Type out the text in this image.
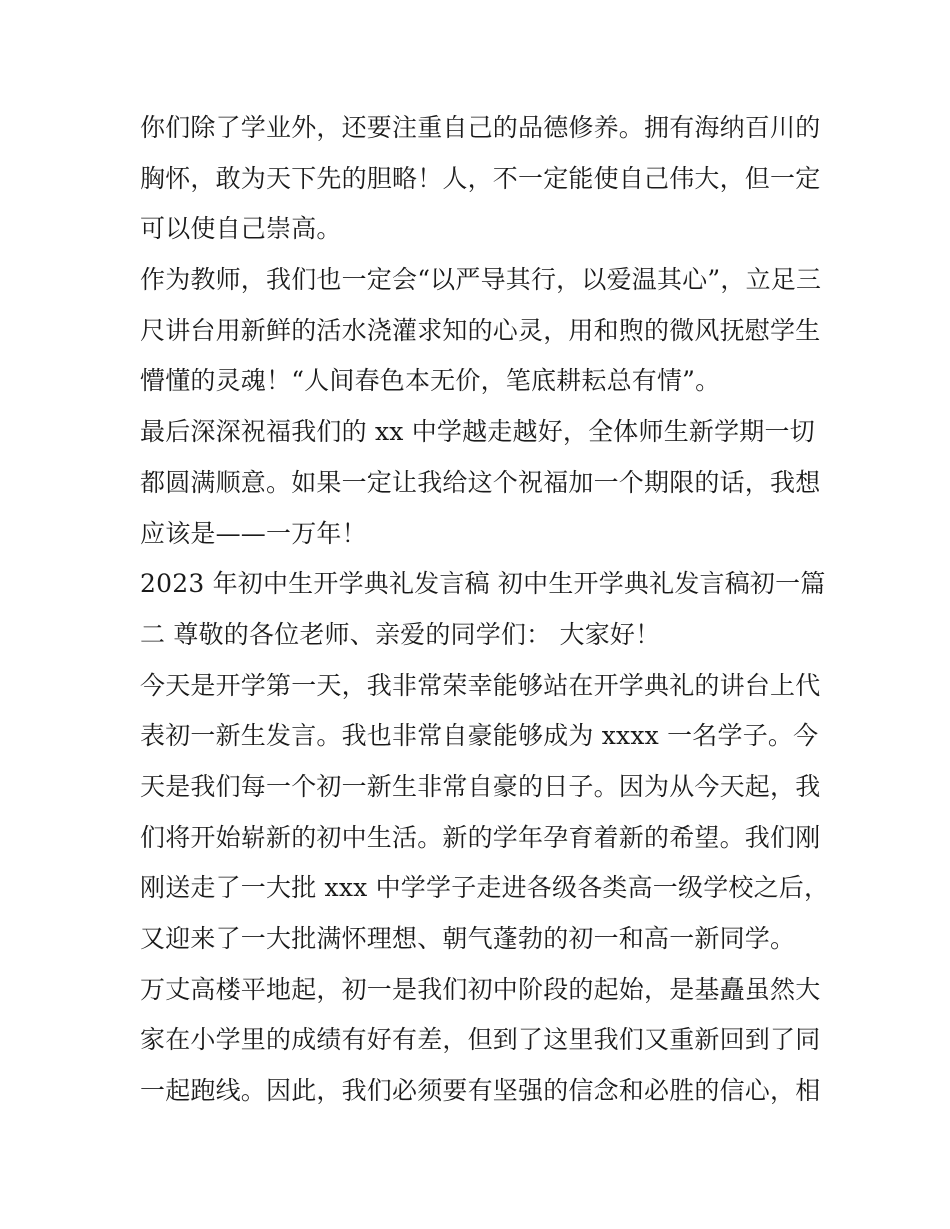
你们除了学业外，还要注重自己的品德修养。拥有海纳百川的
胸怀，敢为天下先的胆略！人，不一定能使自己伟大，但一定
可以使自己崇高。
作为教师，我们也一定会“以严导其行，以爱温其心”，立足三
尺讲台用新鲜的活水浇灌求知的心灵，用和煦的微风抚慰学生
懵懂的灵魂！“人间春色本无价，笔底耕耘总有情”。
最后深深祝福我们的 xx 中学越走越好，全体师生新学期一切
都圆满顺意。如果一定让我给这个祝福加一个期限的话，我想
应该是——一万年！
2023 年初中生开学典礼发言稿 初中生开学典礼发言稿初一篇
二 尊敬的各位老师、亲爱的同学们： 大家好！
今天是开学第一天，我非常荣幸能够站在开学典礼的讲台上代
表初一新生发言。我也非常自豪能够成为 xxxx 一名学子。今
天是我们每一个初一新生非常自豪的日子。因为从今天起，我
们将开始崭新的初中生活。新的学年孕育着新的希望。我们刚
刚送走了一大批 xxx 中学学子走进各级各类高一级学校之后，
又迎来了一大批满怀理想、朝气蓬勃的初一和高一新同学。
万丈高楼平地起，初一是我们初中阶段的起始，是基矗虽然大
家在小学里的成绩有好有差，但到了这里我们又重新回到了同
一起跑线。因此，我们必须要有坚强的信念和必胜的信心，相
